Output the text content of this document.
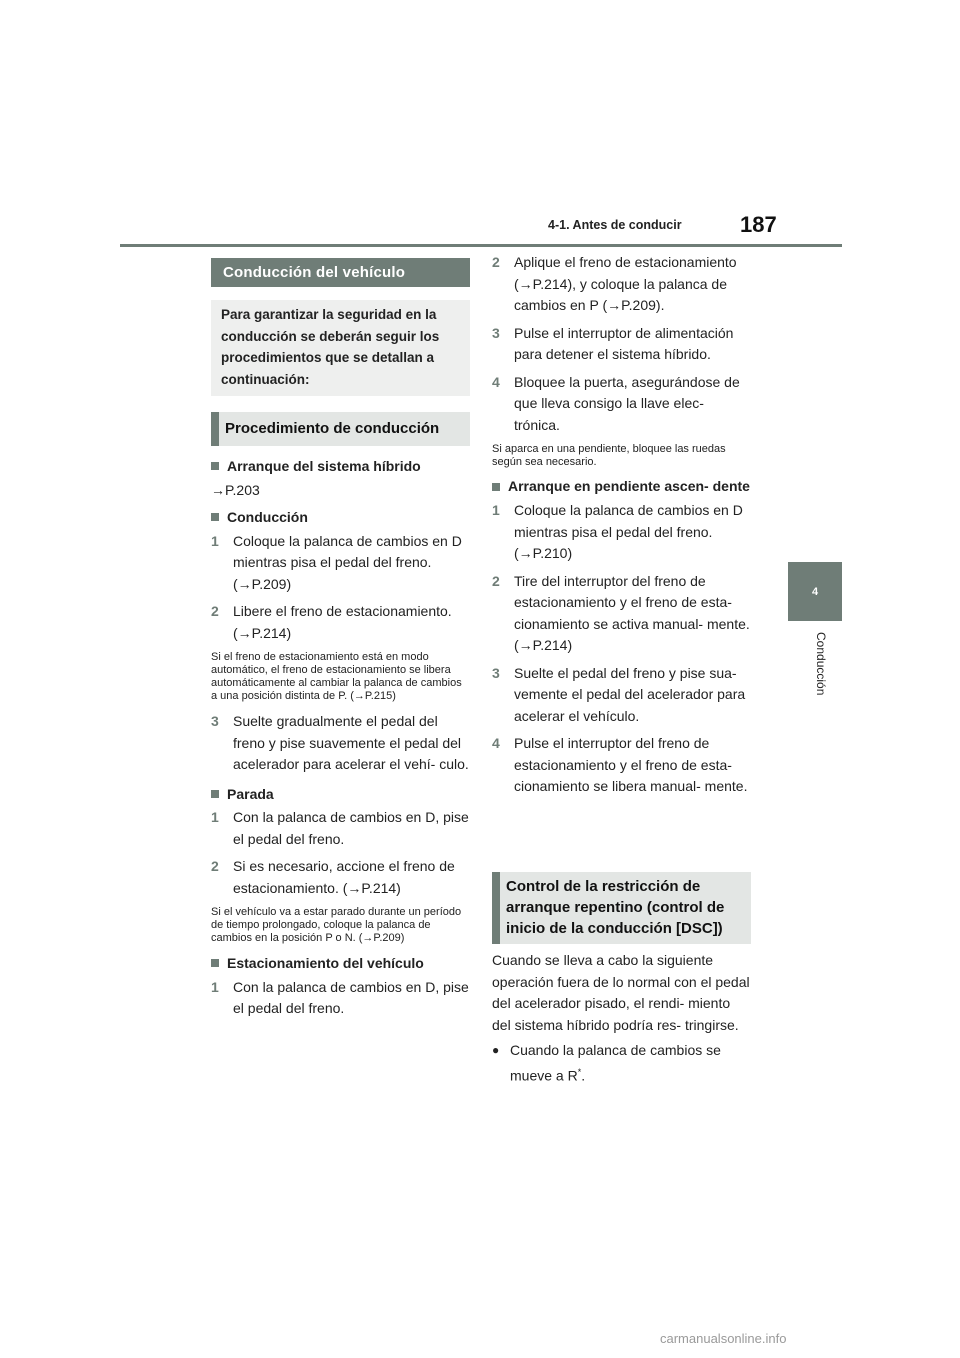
4-1. Antes de conducir	187
4
Conducción
Conducción del vehículo
Para garantizar la seguridad en la conducción se deberán seguir los procedimientos que se detallan a continuación:
Procedimiento de conducción
Arranque del sistema híbrido
→P.203
Conducción
1	Coloque la palanca de cambios en D mientras pisa el pedal del freno. (→P.209)
2	Libere el freno de estacionamiento. (→P.214)
Si el freno de estacionamiento está en modo automático, el freno de estacionamiento se libera automáticamente al cambiar la palanca de cambios a una posición distinta de P. (→P.215)
3	Suelte gradualmente el pedal del freno y pise suavemente el pedal del acelerador para acelerar el vehí- culo.
Parada
1	Con la palanca de cambios en D, pise el pedal del freno.
2	Si es necesario, accione el freno de estacionamiento. (→P.214)
Si el vehículo va a estar parado durante un período de tiempo prolongado, coloque la palanca de cambios en la posición P o N. (→P.209)
Estacionamiento del vehículo
1	Con la palanca de cambios en D, pise el pedal del freno.
2	Aplique el freno de estacionamiento (→P.214), y coloque la palanca de cambios en P (→P.209).
3	Pulse el interruptor de alimentación para detener el sistema híbrido.
4	Bloquee la puerta, asegurándose de que lleva consigo la llave elec- trónica.
Si aparca en una pendiente, bloquee las ruedas según sea necesario.
Arranque en pendiente ascen- dente
1	Coloque la palanca de cambios en D mientras pisa el pedal del freno. (→P.210)
2	Tire del interruptor del freno de estacionamiento y el freno de esta- cionamiento se activa manual- mente. (→P.214)
3	Suelte el pedal del freno y pise sua- vemente el pedal del acelerador para acelerar el vehículo.
4	Pulse el interruptor del freno de estacionamiento y el freno de esta- cionamiento se libera manual- mente.
Control de la restricción de arranque repentino (control de inicio de la conducción [DSC])
Cuando se lleva a cabo la siguiente operación fuera de lo normal con el pedal del acelerador pisado, el rendi- miento del sistema híbrido podría res- tringirse.
● Cuando la palanca de cambios se mueve a R*.
carmanualsonline.info
